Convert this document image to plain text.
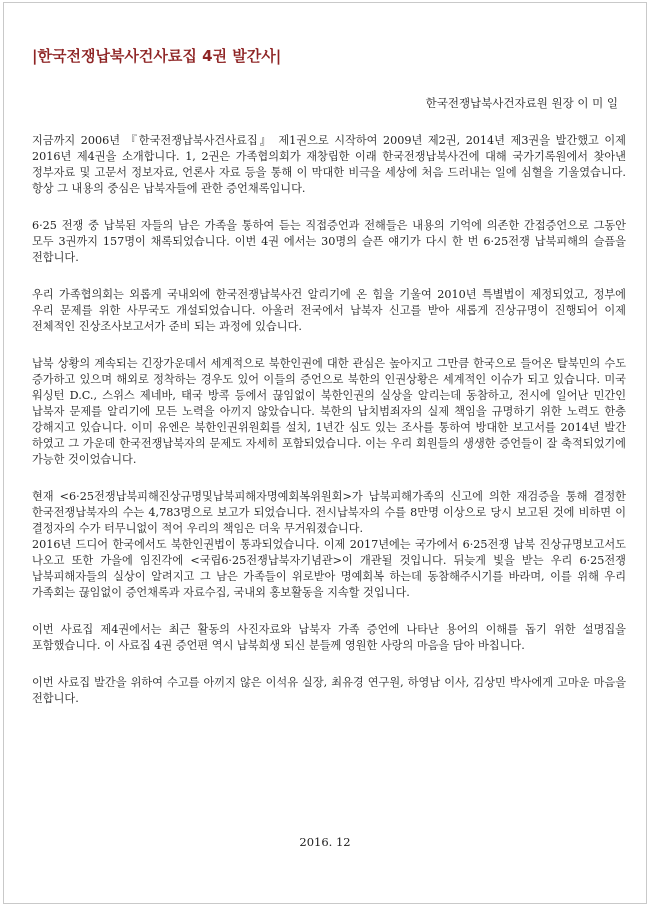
|한국전쟁납북사건사료집 4권 발간사|
한국전쟁납북사건자료원 원장 이 미 일

지금까지 2006년 『한국전쟁납북사건사료집』 제1권으로 시작하여 2009년 제2권, 2014년 제3권을 발간했고 이제 2016년 제4권을 소개합니다. 1, 2권은 가족협의회가 재창립한 이래 한국전쟁납북사건에 대해 국가기록원에서 찾아낸 정부자료 및 고문서 정보자료, 언론사 자료 등을 통해 이 막대한 비극을 세상에 처음 드러내는 일에 심혈을 기울였습니다. 항상 그 내용의 중심은 납북자들에 관한 증언채록입니다.

6·25 전쟁 중 납북된 자들의 남은 가족을 통하여 듣는 직접증언과 전해들은 내용의 기억에 의존한 간접증언으로 그동안 모두 3권까지 157명이 채록되었습니다. 이번 4권 에서는 30명의 슬픈 얘기가 다시 한 번 6·25전쟁 납북피해의 슬픔을 전합니다.

우리 가족협의회는 외롭게 국내외에 한국전쟁납북사건 알리기에 온 힘을 기울여 2010년 특별법이 제정되었고, 정부에 우리 문제를 위한 사무국도 개설되었습니다. 아울러 전국에서 납북자 신고를 받아 새롭게 진상규명이 진행되어 이제 전체적인 진상조사보고서가 준비 되는 과정에 있습니다.

납북 상황의 계속되는 긴장가운데서 세계적으로 북한인권에 대한 관심은 높아지고 그만큼 한국으로 들어온 탈북민의 수도 증가하고 있으며 해외로 정착하는 경우도 있어 이들의 증언으로 북한의 인권상황은 세계적인 이슈가 되고 있습니다. 미국 워싱턴 D.C., 스위스 제네바, 태국 방콕 등에서 끊임없이 북한인권의 실상을 알리는데 동참하고, 전시에 일어난 민간인 납북자 문제를 알리기에 모든 노력을 아끼지 않았습니다. 북한의 납치범죄자의 실제 책임을 규명하기 위한 노력도 한층 강해지고 있습니다. 이미 유엔은 북한인권위원회를 설치, 1년간 심도 있는 조사를 통하여 방대한 보고서를 2014년 발간 하였고 그 가운데 한국전쟁납북자의 문제도 자세히 포함되었습니다. 이는 우리 회원들의 생생한 증언들이 잘 축적되었기에 가능한 것이었습니다.

현재 <6·25전쟁납북피해진상규명및납북피해자명예회복위원회>가 납북피해가족의 신고에 의한 재검증을 통해 결정한 한국전쟁납북자의 수는 4,783명으로 보고가 되었습니다. 전시납북자의 수를 8만명 이상으로 당시 보고된 것에 비하면 이 결정자의 수가 터무니없이 적어 우리의 책임은 더욱 무거워졌습니다.

2016년 드디어 한국에서도 북한인권법이 통과되었습니다. 이제 2017년에는 국가에서 6·25전쟁 납북 진상규명보고서도 나오고 또한 가을에 임진각에 <국립6·25전쟁납북자기념관>이 개관될 것입니다. 뒤늦게 빛을 받는 우리 6·25전쟁 납북피해자들의 실상이 알려지고 그 남은 가족들이 위로받아 명예회복 하는데 동참해주시기를 바라며, 이를 위해 우리 가족회는 끊임없이 증언채록과 자료수집, 국내외 홍보활동을 지속할 것입니다.

이번 사료집 제4권에서는 최근 활동의 사진자료와 납북자 가족 증언에 나타난 용어의 이해를 돕기 위한 설명집을 포함했습니다. 이 사료집 4권 증언편 역시 납북희생 되신 분들께 영원한 사랑의 마음을 담아 바칩니다.

이번 사료집 발간을 위하여 수고를 아끼지 않은 이석유 실장, 최유경 연구원, 하영남 이사, 김상민 박사에게 고마운 마음을 전합니다.

2016. 12
